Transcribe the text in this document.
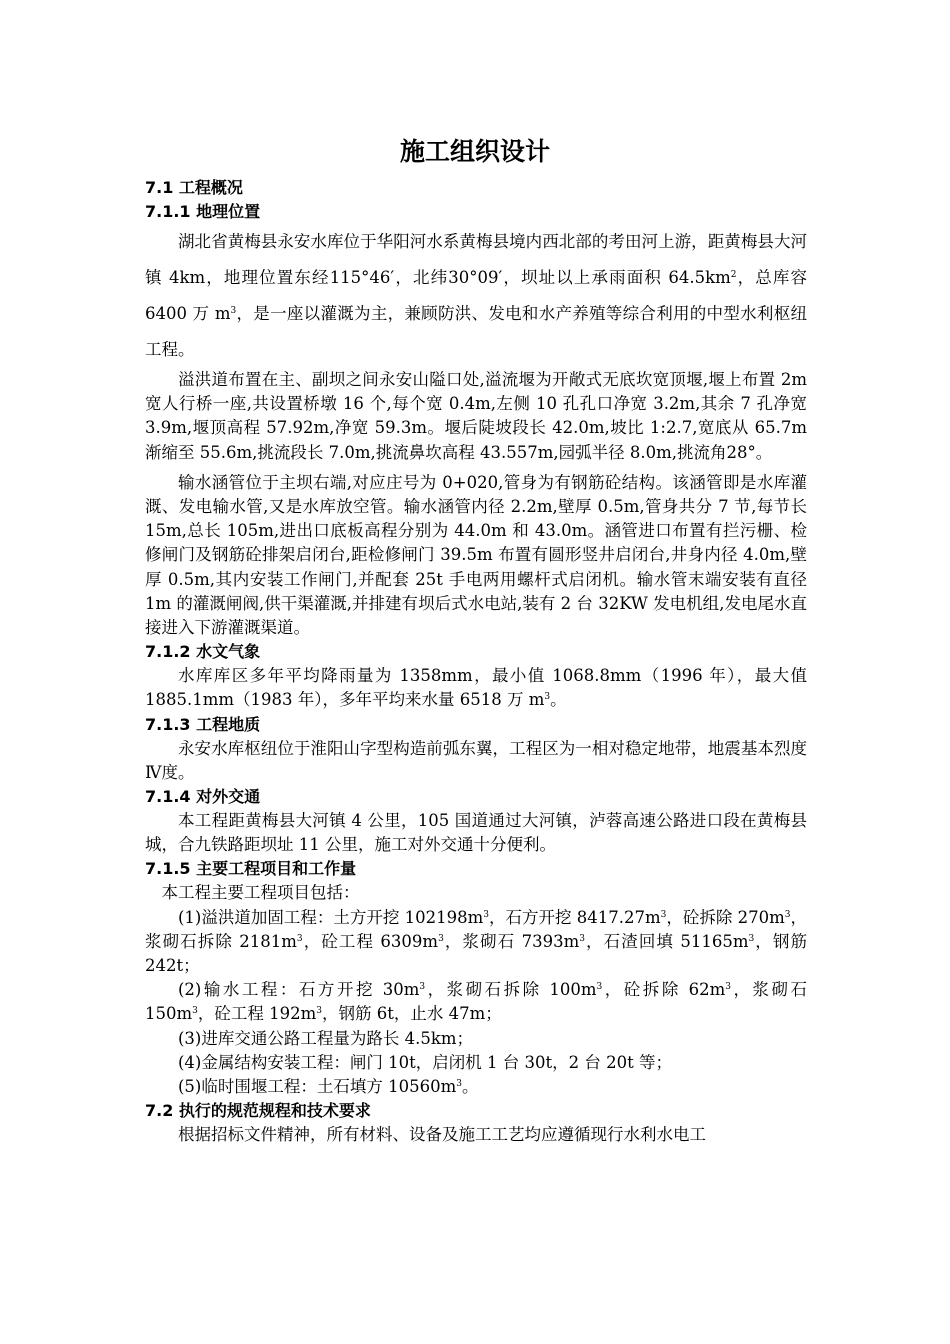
施工组织设计
7.1 工程概况
7.1.1 地理位置

湖北省黄梅县永安水库位于华阳河水系黄梅县境内西北部的考田河上游，距黄梅县大河镇 4km，地理位置东经115°46′，北纬30°09′，坝址以上承雨面积 $64.5km^2$，总库容 6400 万 $m^3$，是一座以灌溉为主，兼顾防洪、发电和水产养殖等综合利用的中型水利枢纽工程。

溢洪道布置在主、副坝之间永安山隘口处,溢流堰为开敞式无底坎宽顶堰,堰上布置 2m 宽人行桥一座,共设置桥墩 16 个,每个宽 0.4m,左侧 10 孔孔口净宽 3.2m,其余 7 孔净宽 3.9m,堰顶高程 57.92m,净宽 59.3m。堰后陡坡段长 42.0m,坡比 1:2.7,宽底从 65.7m 渐缩至 55.6m,挑流段长 7.0m,挑流鼻坎高程 43.557m,园弧半径 8.0m,挑流角28°。

输水涵管位于主坝右端,对应庄号为 0+020,管身为有钢筋砼结构。该涵管即是水库灌溉、发电输水管,又是水库放空管。输水涵管内径 2.2m,壁厚 0.5m,管身共分 7 节,每节长 15m,总长 105m,进出口底板高程分别为 44.0m 和 43.0m。涵管进口布置有拦污栅、检修闸门及钢筋砼排架启闭台,距检修闸门 39.5m 布置有圆形竖井启闭台,井身内径 4.0m,壁厚 0.5m,其内安装工作闸门,并配套 25t 手电两用螺杆式启闭机。输水管末端安装有直径 1m 的灌溉闸阀,供干渠灌溉,并排建有坝后式水电站,装有 2 台 32KW 发电机组,发电尾水直接进入下游灌溉渠道。

7.1.2 水文气象

水库库区多年平均降雨量为 1358mm，最小值 1068.8mm（1996 年），最大值 1885.1mm（1983 年），多年平均来水量 6518 万 $m^3$。

7.1.3 工程地质

永安水库枢纽位于淮阳山字型构造前弧东翼，工程区为一相对稳定地带，地震基本烈度Ⅳ度。

7.1.4 对外交通

本工程距黄梅县大河镇 4 公里，105 国道通过大河镇，泸蓉高速公路进口段在黄梅县城，合九铁路距坝址 11 公里，施工对外交通十分便利。

7.1.5 主要工程项目和工作量

本工程主要工程项目包括：

(1)溢洪道加固工程：土方开挖 $102198m^3$，石方开挖 $8417.27m^3$，砼拆除 $270m^3$，浆砌石拆除 $2181m^3$，砼工程 $6309m^3$，浆砌石 $7393m^3$，石渣回填 $51165m^3$，钢筋 242t；

(2)输水工程：石方开挖 $30m^3$，浆砌石拆除 $100m^3$，砼拆除 $62m^3$，浆砌石 $150m^3$，砼工程 $192m^3$，钢筋 6t，止水 47m；

(3)进库交通公路工程量为路长 4.5km；

(4)金属结构安装工程：闸门 10t，启闭机 1 台 30t，2 台 20t 等；

(5)临时围堰工程：土石填方 $10560m^3$。

7.2 执行的规范规程和技术要求

根据招标文件精神，所有材料、设备及施工工艺均应遵循现行水利水电工
